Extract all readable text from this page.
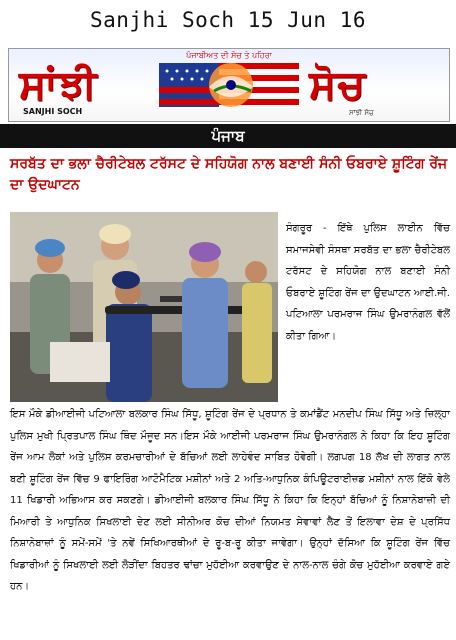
Sanjhi Soch 15 Jun 16
ਪੰਜਾਬੀਅਤ ਦੀ ਸੋਚ ਤੇ ਪਹਿਰਾ
ਸਾਂਝੀ	ਸੋਚ
SANJHI SOCH	ਸਾਂਝੀ ਸੋਚ
ਪੰਜਾਬ
ਸਰਬੱਤ ਦਾ ਭਲਾ ਚੈਰੀਟੇਬਲ ਟਰੱਸਟ ਦੇ ਸਹਿਯੋਗ ਨਾਲ ਬਣਾਈ ਸੰਨੀ ਓਬਰਾਏ ਸ਼ੂਟਿੰਗ ਰੇਂਜ ਦਾ ਉਦਘਾਟਨ
ਸੰਗਰੂਰ - ਇੱਥੇ ਪੁਲਿਸ ਲਾਈਨ ਵਿੱਚ ਸਮਾਜਸੇਵੀ ਸੰਸਥਾ ਸਰਬੱਤ ਦਾ ਭਲਾ ਚੈਰੀਟੇਬਲ ਟਰੱਸਟ ਦੇ ਸਹਿਯੋਗ ਨਾਲ ਬਣਾਈ ਸੰਨੀ ਓਬਰਾਏ ਸ਼ੂਟਿੰਗ ਰੇਂਜ ਦਾ ਉਦਘਾਟਨ ਆਈ.ਜੀ. ਪਟਿਆਲਾ ਪਰਮਰਾਜ ਸਿੰਘ ਉਮਰਾਨੰਗਲ ਵੱਲੋਂ ਕੀਤਾ ਗਿਆ।
ਇਸ ਮੌਕੇ ਡੀਆਈਜੀ ਪਟਿਆਲਾ ਬਲਕਾਰ ਸਿੰਘ ਸਿੱਧੂ, ਸ਼ੂਟਿੰਗ ਰੇਂਜ ਦੇ ਪ੍ਰਧਾਨ ਤੇ ਕਮਾਂਡੈਂਟ ਮਨਦੀਪ ਸਿੰਘ ਸਿੱਧੂ ਅਤੇ ਜ਼ਿਲ੍ਹਾ ਪੁਲਿਸ ਮੁਖੀ ਪ੍ਰਿਤਪਾਲ ਸਿੰਘ ਥਿੰਦ ਮੌਜੂਦ ਸਨ।ਇਸ ਮੌਕੇ ਆਈਜੀ ਪਰਮਰਾਜ ਸਿੰਘ ਉਮਰਾਨੰਗਲ ਨੇ ਕਿਹਾ ਕਿ ਇਹ ਸ਼ੂਟਿੰਗ ਰੇਂਜ ਆਮ ਲੋਕਾਂ ਅਤੇ ਪੁਲਿਸ ਕਰਮਚਾਰੀਆਂ ਦੇ ਬੱਚਿਆਂ ਲਈ ਲਾਹੇਵੰਦ ਸਾਬਿਤ ਹੋਵੇਗੀ। ਲਗਪਗ 18 ਲੱਖ ਦੀ ਲਾਗਤ ਨਾਲ ਬਣੀ ਸ਼ੂਟਿੰਗ ਰੇਂਜ ਵਿੱਚ 9 ਫਾਇਰਿੰਗ ਆਟੋਮੈਟਿਕ ਮਸ਼ੀਨਾਂ ਅਤੇ 2 ਅਤਿ-ਆਧੁਨਿਕ ਕੰਪਿਊਟਰਾਈਜ਼ਡ ਮਸ਼ੀਨਾਂ ਨਾਲ ਇੱਕੋ ਵੇਲੇ 11 ਖਿਡਾਰੀ ਅਭਿਆਸ ਕਰ ਸਕਣਗੇ। ਡੀਆਈਜੀ ਬਲਕਾਰ ਸਿੰਘ ਸਿੱਧੂ ਨੇ ਕਿਹਾ ਕਿ ਇਨ੍ਹਾਂ ਬੱਚਿਆਂ ਨੂੰ ਨਿਸ਼ਾਨੇਬਾਜ਼ੀ ਦੀ ਮਿਆਰੀ ਤੇ ਆਧੁਨਿਕ ਸਿਖਲਾਈ ਦੇਣ ਲਈ ਸੀਨੀਅਰ ਕੋਚ ਦੀਆਂ ਨਿਯਮਤ ਸੇਵਾਵਾਂ ਲੈਣ ਤੋਂ ਇਲਾਵਾ ਦੇਸ਼ ਦੇ ਪ੍ਰਸਿੱਧ ਨਿਸ਼ਾਨੇਬਾਜ਼ਾਂ ਨੂੰ ਸਮੇਂ-ਸਮੇਂ 'ਤੇ ਨਵੇਂ ਸਿਖਿਆਰਥੀਆਂ ਦੇ ਰੂ-ਬ-ਰੂ ਕੀਤਾ ਜਾਵੇਗਾ। ਉਨ੍ਹਾਂ ਦੱਸਿਆ ਕਿ ਸ਼ੂਟਿੰਗ ਰੇਂਜ ਵਿੱਚ ਖਿਡਾਰੀਆਂ ਨੂੰ ਸਿਖਲਾਈ ਲਈ ਲੋੜੀਂਦਾ ਬਿਹਤਰ ਢਾਂਚਾ ਮੁਹੱਈਆ ਕਰਵਾਉਣ ਦੇ ਨਾਲ-ਨਾਲ ਚੰਗੇ ਕੋਚ ਮੁਹੱਈਆ ਕਰਵਾਏ ਗਏ ਹਨ।
